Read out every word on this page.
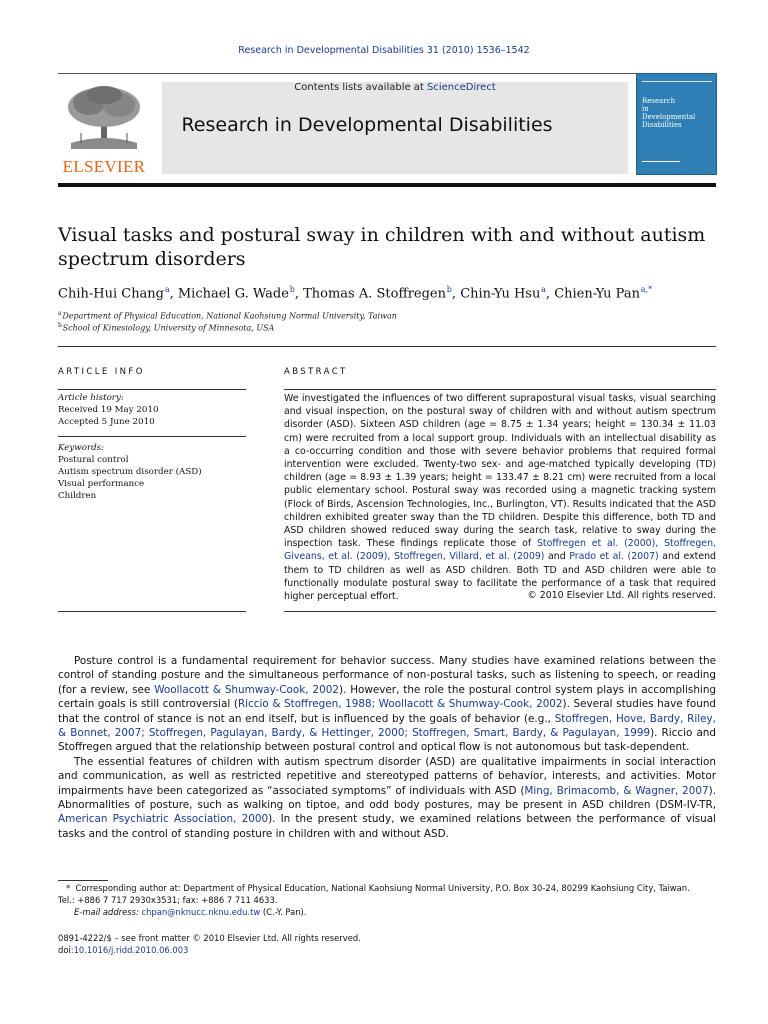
Research in Developmental Disabilities 31 (2010) 1536–1542
ELSEVIER
Contents lists available at ScienceDirect
Research in Developmental Disabilities
Research
in
Developmental
Disabilities
Visual tasks and postural sway in children with and without autism
spectrum disorders
Chih-Hui Chang $^a$, Michael G. Wade $^b$, Thomas A. Stoffregen $^b$, Chin-Yu Hsu $^a$, Chien-Yu Pan $^{a,*}$
$^a$ Department of Physical Education, National Kaohsiung Normal University, Taiwan
$^b$ School of Kinesiology, University of Minnesota, USA
ARTICLE INFO
Article history:
Received 19 May 2010
Accepted 5 June 2010
Keywords:
Postural control
Autism spectrum disorder (ASD)
Visual performance
Children
ABSTRACT
We investigated the influences of two different suprapostural visual tasks, visual searching and visual inspection, on the postural sway of children with and without autism spectrum disorder (ASD). Sixteen ASD children (age = 8.75 ± 1.34 years; height = 130.34 ± 11.03 cm) were recruited from a local support group. Individuals with an intellectual disability as a co-occurring condition and those with severe behavior problems that required formal intervention were excluded. Twenty-two sex- and age-matched typically developing (TD) children (age = 8.93 ± 1.39 years; height = 133.47 ± 8.21 cm) were recruited from a local public elementary school. Postural sway was recorded using a magnetic tracking system (Flock of Birds, Ascension Technologies, Inc., Burlington, VT). Results indicated that the ASD children exhibited greater sway than the TD children. Despite this difference, both TD and ASD children showed reduced sway during the search task, relative to sway during the inspection task. These findings replicate those of Stoffregen et al. (2000), Stoffregen, Giveans, et al. (2009), Stoffregen, Villard, et al. (2009) and Prado et al. (2007) and extend them to TD children as well as ASD children. Both TD and ASD children were able to functionally modulate postural sway to facilitate the performance of a task that required higher perceptual effort.	© 2010 Elsevier Ltd. All rights reserved.

Posture control is a fundamental requirement for behavior success. Many studies have examined relations between the control of standing posture and the simultaneous performance of non-postural tasks, such as listening to speech, or reading (for a review, see Woollacott & Shumway-Cook, 2002). However, the role the postural control system plays in accomplishing certain goals is still controversial (Riccio & Stoffregen, 1988; Woollacott & Shumway-Cook, 2002). Several studies have found that the control of stance is not an end itself, but is influenced by the goals of behavior (e.g., Stoffregen, Hove, Bardy, Riley, & Bonnet, 2007; Stoffregen, Pagulayan, Bardy, & Hettinger, 2000; Stoffregen, Smart, Bardy, & Pagulayan, 1999). Riccio and Stoffregen argued that the relationship between postural control and optical flow is not autonomous but task-dependent.

The essential features of children with autism spectrum disorder (ASD) are qualitative impairments in social interaction and communication, as well as restricted repetitive and stereotyped patterns of behavior, interests, and activities. Motor impairments have been categorized as “associated symptoms” of individuals with ASD (Ming, Brimacomb, & Wagner, 2007). Abnormalities of posture, such as walking on tiptoe, and odd body postures, may be present in ASD children (DSM-IV-TR, American Psychiatric Association, 2000). In the present study, we examined relations between the performance of visual tasks and the control of standing posture in children with and without ASD.

* Corresponding author at: Department of Physical Education, National Kaohsiung Normal University, P.O. Box 30-24, 80299 Kaohsiung City, Taiwan.
Tel.: +886 7 717 2930x3531; fax: +886 7 711 4633.
E-mail address: chpan@nknucc.nknu.edu.tw (C.-Y. Pan).
0891-4222/$ – see front matter © 2010 Elsevier Ltd. All rights reserved.
doi:10.1016/j.ridd.2010.06.003
